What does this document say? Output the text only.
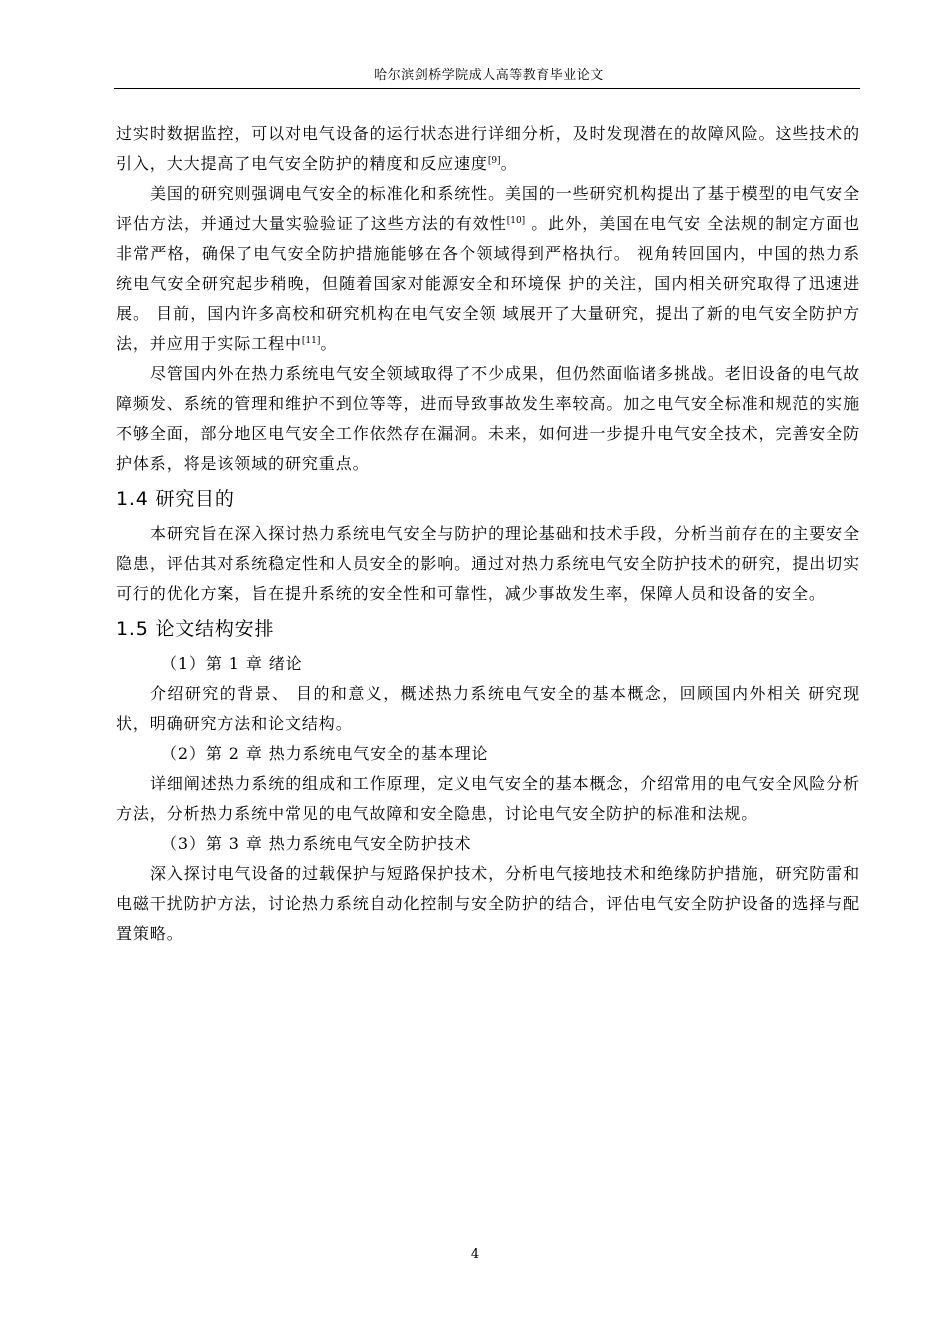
哈尔滨剑桥学院成人高等教育毕业论文

过实时数据监控，可以对电气设备的运行状态进行详细分析，及时发现潜在的故障风险。这些技术的引入，大大提高了电气安全防护的精度和反应速度[9]。

美国的研究则强调电气安全的标准化和系统性。美国的一些研究机构提出了基于模型的电气安全评估方法，并通过大量实验验证了这些方法的有效性[10] 。此外，美国在电气安 全法规的制定方面也非常严格，确保了电气安全防护措施能够在各个领域得到严格执行。 视角转回国内，中国的热力系统电气安全研究起步稍晚，但随着国家对能源安全和环境保 护的关注，国内相关研究取得了迅速进展。 目前，国内许多高校和研究机构在电气安全领 域展开了大量研究，提出了新的电气安全防护方法，并应用于实际工程中[11]。

尽管国内外在热力系统电气安全领域取得了不少成果，但仍然面临诸多挑战。老旧设备的电气故障频发、系统的管理和维护不到位等等，进而导致事故发生率较高。加之电气安全标准和规范的实施不够全面，部分地区电气安全工作依然存在漏洞。未来，如何进一步提升电气安全技术，完善安全防护体系，将是该领域的研究重点。

1.4 研究目的

本研究旨在深入探讨热力系统电气安全与防护的理论基础和技术手段，分析当前存在的主要安全隐患，评估其对系统稳定性和人员安全的影响。通过对热力系统电气安全防护技术的研究，提出切实可行的优化方案，旨在提升系统的安全性和可靠性，减少事故发生率，保障人员和设备的安全。

1.5 论文结构安排

（1）第 1 章 绪论

介绍研究的背景、 目的和意义，概述热力系统电气安全的基本概念，回顾国内外相关 研究现状，明确研究方法和论文结构。

（2）第 2 章 热力系统电气安全的基本理论

详细阐述热力系统的组成和工作原理，定义电气安全的基本概念，介绍常用的电气安全风险分析方法，分析热力系统中常见的电气故障和安全隐患，讨论电气安全防护的标准和法规。

（3）第 3 章 热力系统电气安全防护技术

深入探讨电气设备的过载保护与短路保护技术，分析电气接地技术和绝缘防护措施，研究防雷和电磁干扰防护方法，讨论热力系统自动化控制与安全防护的结合，评估电气安全防护设备的选择与配置策略。

4
